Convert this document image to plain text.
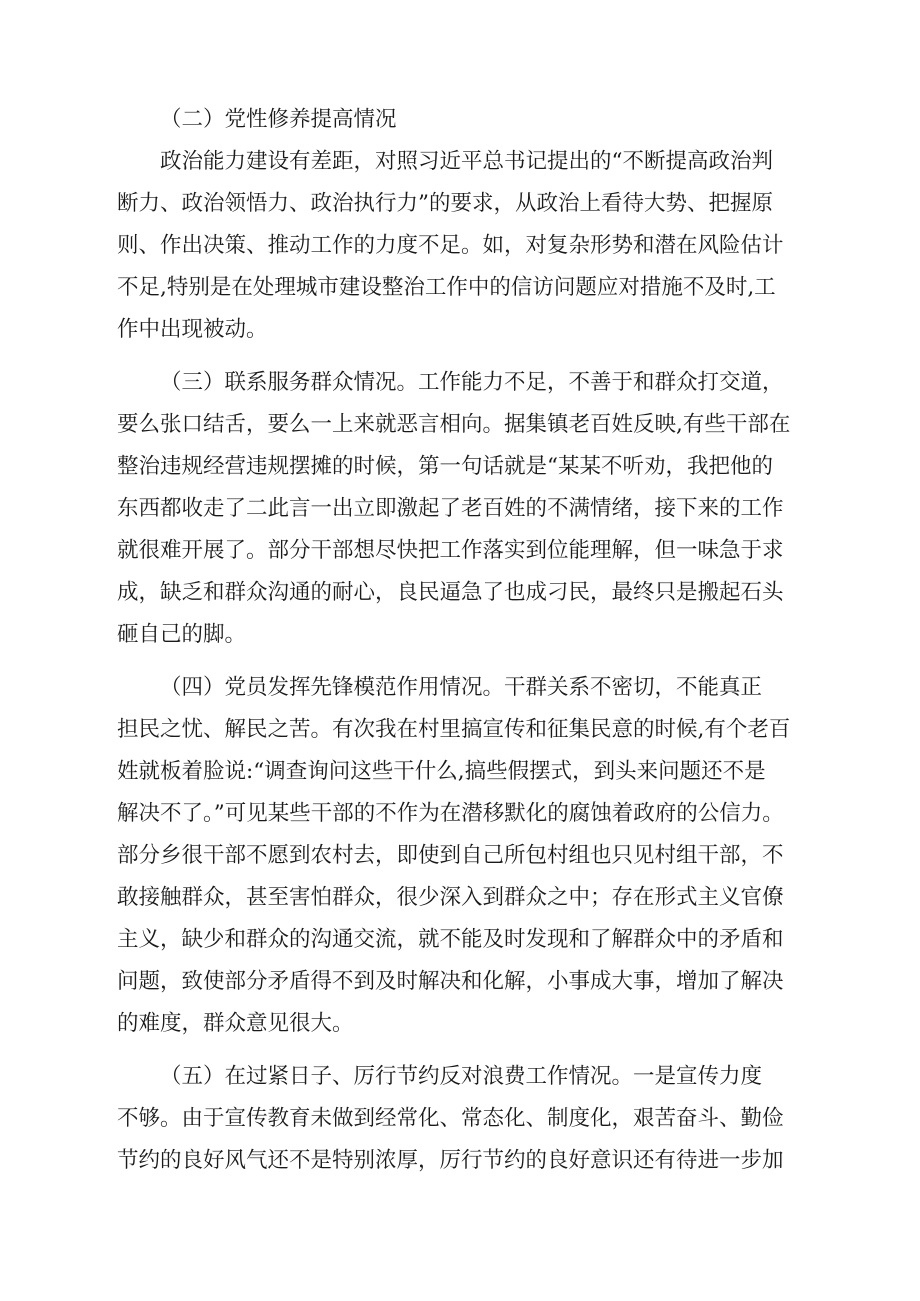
（二）党性修养提高情况
政治能力建设有差距，对照习近平总书记提出的“不断提高政治判
断力、政治领悟力、政治执行力”的要求，从政治上看待大势、把握原
则、作出决策、推动工作的力度不足。如，对复杂形势和潜在风险估计
不足,特别是在处理城市建设整治工作中的信访问题应对措施不及时,工
作中出现被动。
（三）联系服务群众情况。工作能力不足，不善于和群众打交道，
要么张口结舌，要么一上来就恶言相向。据集镇老百姓反映,有些干部在
整治违规经营违规摆摊的时候，第一句话就是“某某不听劝，我把他的
东西都收走了二此言一出立即激起了老百姓的不满情绪，接下来的工作
就很难开展了。部分干部想尽快把工作落实到位能理解，但一味急于求
成，缺乏和群众沟通的耐心，良民逼急了也成刁民，最终只是搬起石头
砸自己的脚。
（四）党员发挥先锋模范作用情况。干群关系不密切，不能真正
担民之忧、解民之苦。有次我在村里搞宣传和征集民意的时候,有个老百
姓就板着脸说:“调查询问这些干什么,搞些假摆式，到头来问题还不是
解决不了。”可见某些干部的不作为在潜移默化的腐蚀着政府的公信力。
部分乡很干部不愿到农村去，即使到自己所包村组也只见村组干部，不
敢接触群众，甚至害怕群众，很少深入到群众之中；存在形式主义官僚
主义，缺少和群众的沟通交流，就不能及时发现和了解群众中的矛盾和
问题，致使部分矛盾得不到及时解决和化解，小事成大事，增加了解决
的难度，群众意见很大。
（五）在过紧日子、厉行节约反对浪费工作情况。一是宣传力度
不够。由于宣传教育未做到经常化、常态化、制度化，艰苦奋斗、勤俭
节约的良好风气还不是特别浓厚，厉行节约的良好意识还有待进一步加
